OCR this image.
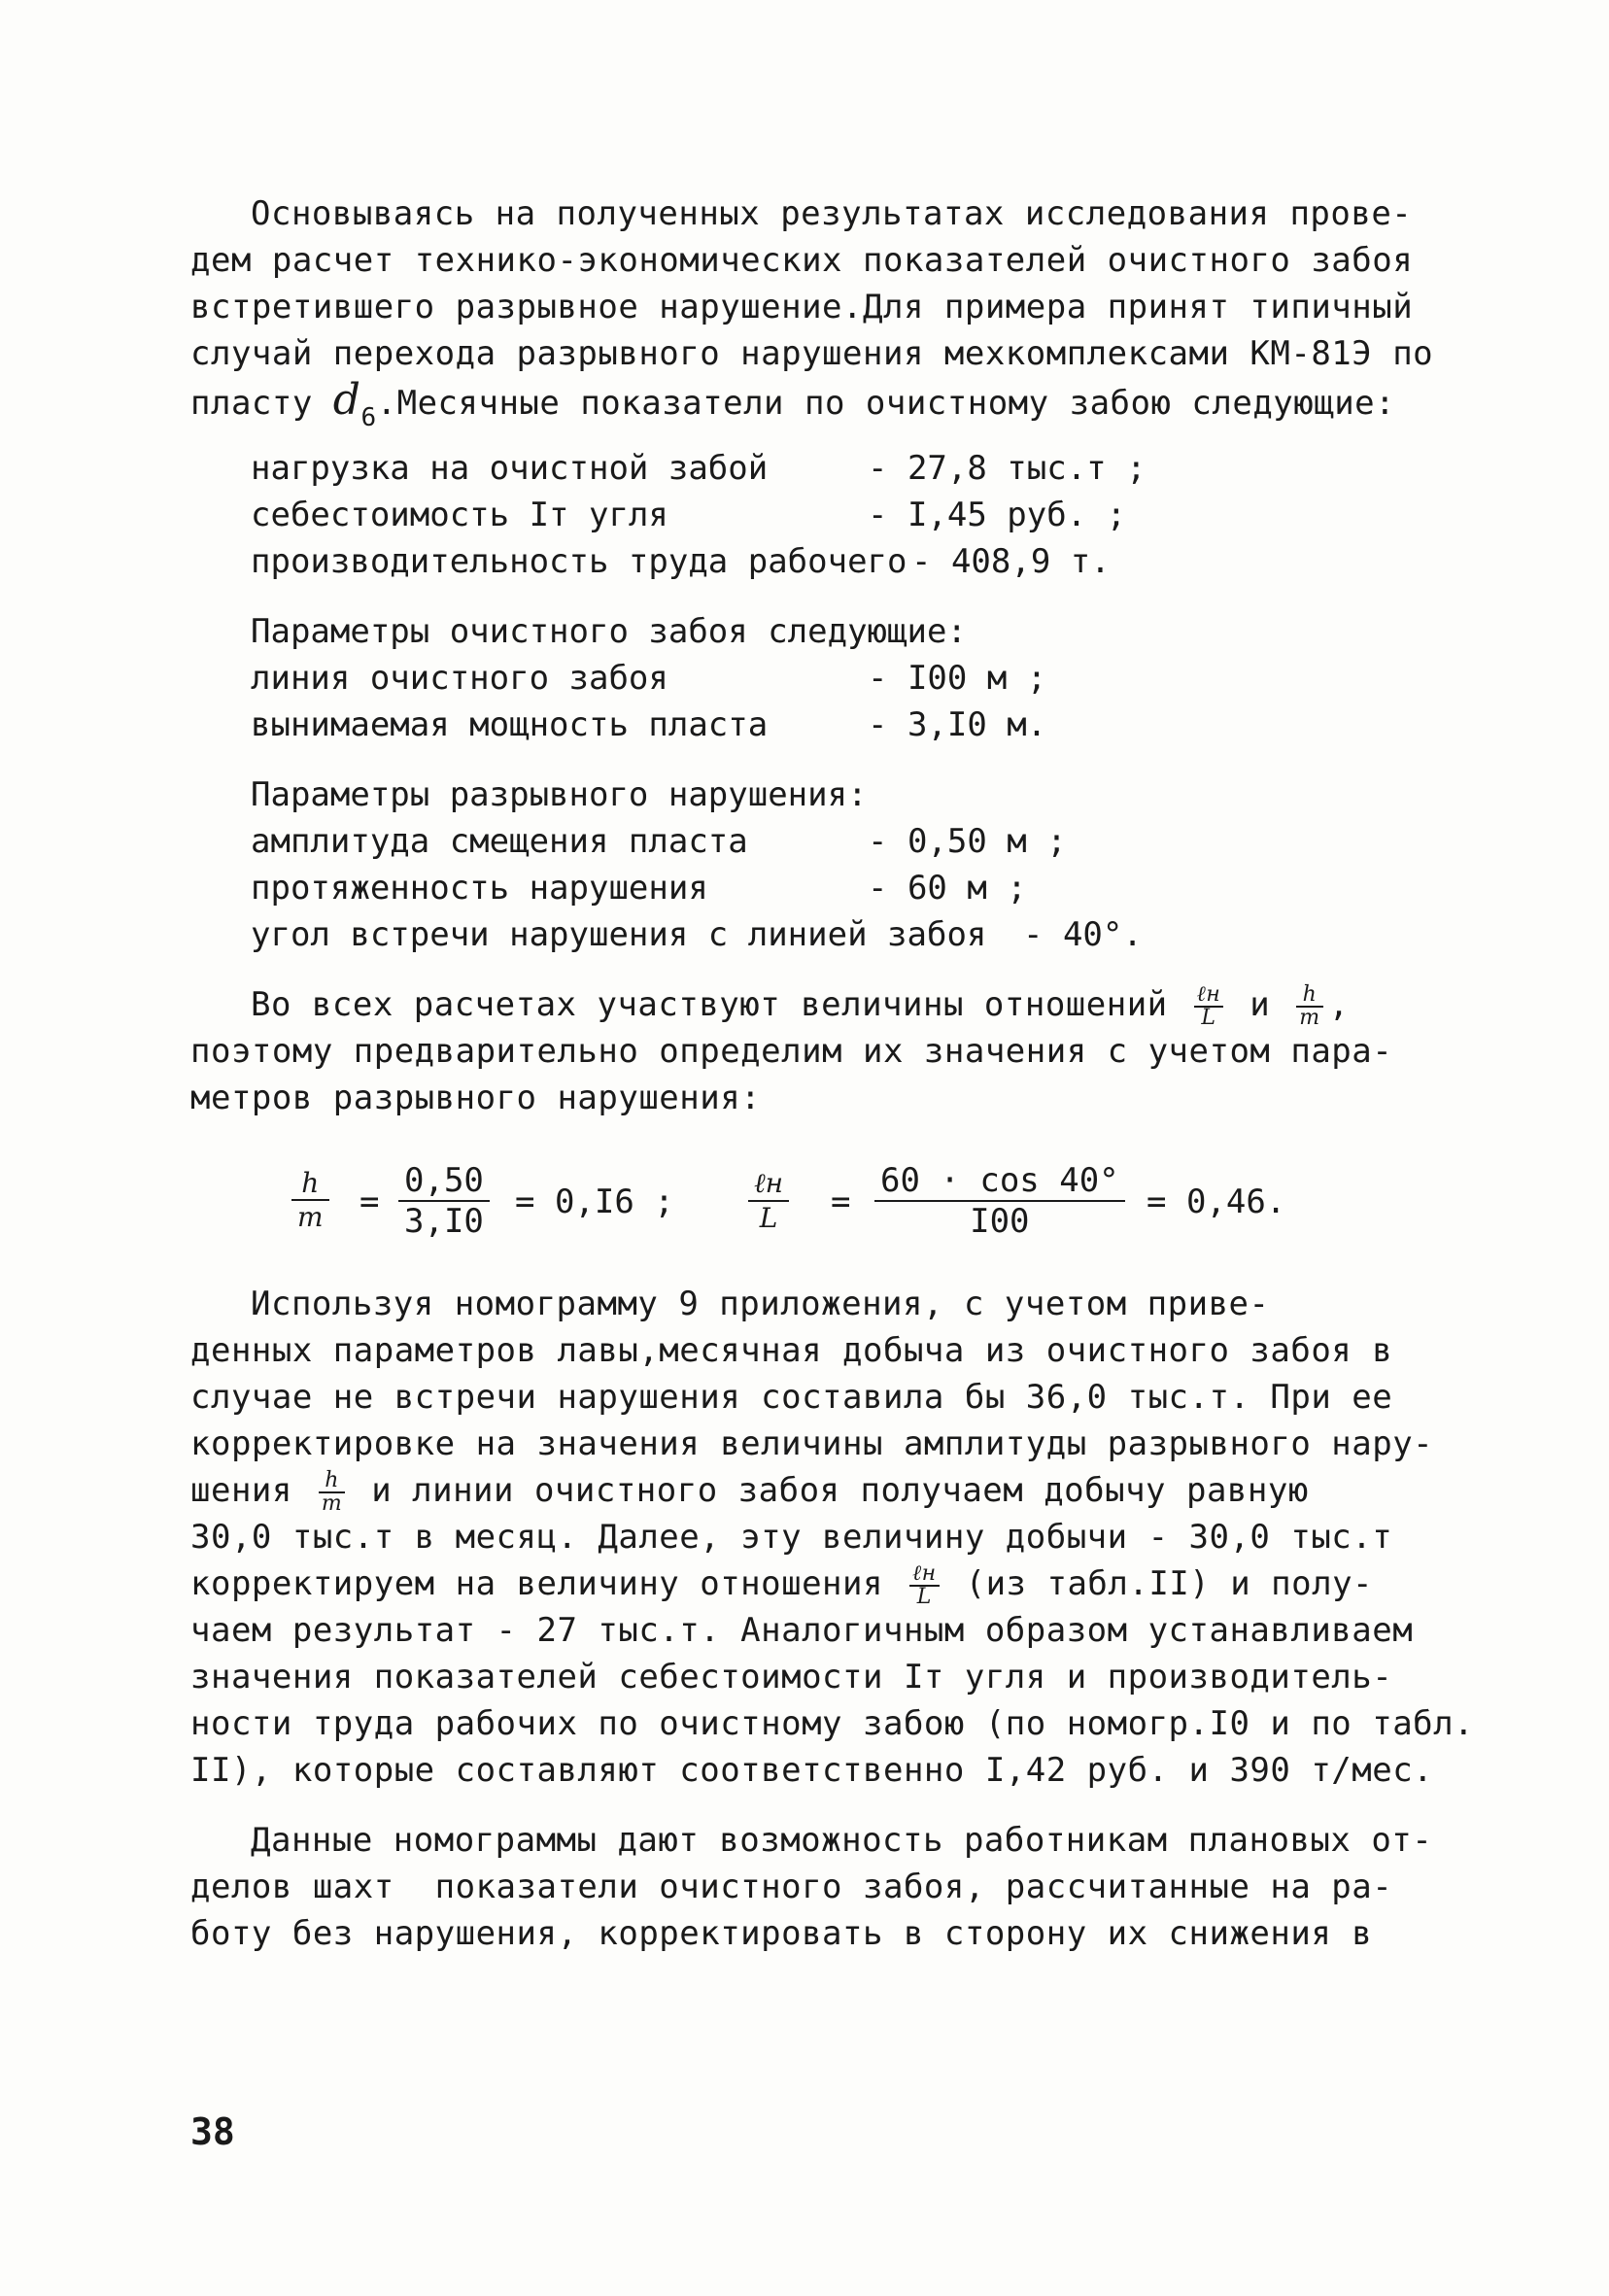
Основываясь на полученных результатах исследования прове-
дем расчет технико-экономических показателей очистного забоя
встретившего разрывное нарушение.Для примера принят типичный
случай перехода разрывного нарушения мехкомплексами КМ-81Э по
пласту $d_6.Месячные$ показатели по очистному забою следующие:
нагрузка на очистной забой	- 27,8 тыс.т ;
себестоимость Iт угля	- I,45 руб. ;
производительность труда рабочего - 408,9 т.
Параметры очистного забоя следующие:
линия очистного забоя	- I00 м ;
вынимаемая мощность пласта	- 3,I0 м.
Параметры разрывного нарушения:
амплитуда смещения пласта	- 0,50 м ;
протяженность нарушения	- 60 м ;
угол встречи нарушения с линией забоя - 40°.
Во всех расчетах участвуют величины отношений $\frac{\text{ℓн}}{L}$ и $\frac{h}{m}$ ,
поэтому предварительно определим их значения с учетом пара-
метров разрывного нарушения:
$\frac{h}{m} = \frac{0,50}{3,I0} = 0,I6$ ;	ℓн
L	= $\frac{60 \cdot \cos 40^\circ}{I00} = 0,46$.
Используя номограмму 9 приложения, с учетом приве-
денных параметров лавы,месячная добыча из очистного забоя в
случае не встречи нарушения составила бы 36,0 тыс.т. При ее
корректировке на значения величины амплитуды разрывного нару-
шения $\frac{h}{m}$ и линии очистного забоя получаем добычу равную
30,0 тыс.т в месяц. Далее, эту величину добычи - 30,0 тыс.т
корректируем на величину отношения $\frac{\text{ℓн}}{L} (из$ табл.II) и полу-
чаем результат - 27 тыс.т. Аналогичным образом устанавливаем
значения показателей себестоимости Iт угля и производитель-
ности труда рабочих по очистному забою (по номогр.I0 и по табл.
II), которые составляют соответственно I,42 руб. и 390 т/мес.
Данные номограммы дают возможность работникам плановых от-
делов шахт  показатели очистного забоя, рассчитанные на ра-
боту без нарушения, корректировать в сторону их снижения в
38
